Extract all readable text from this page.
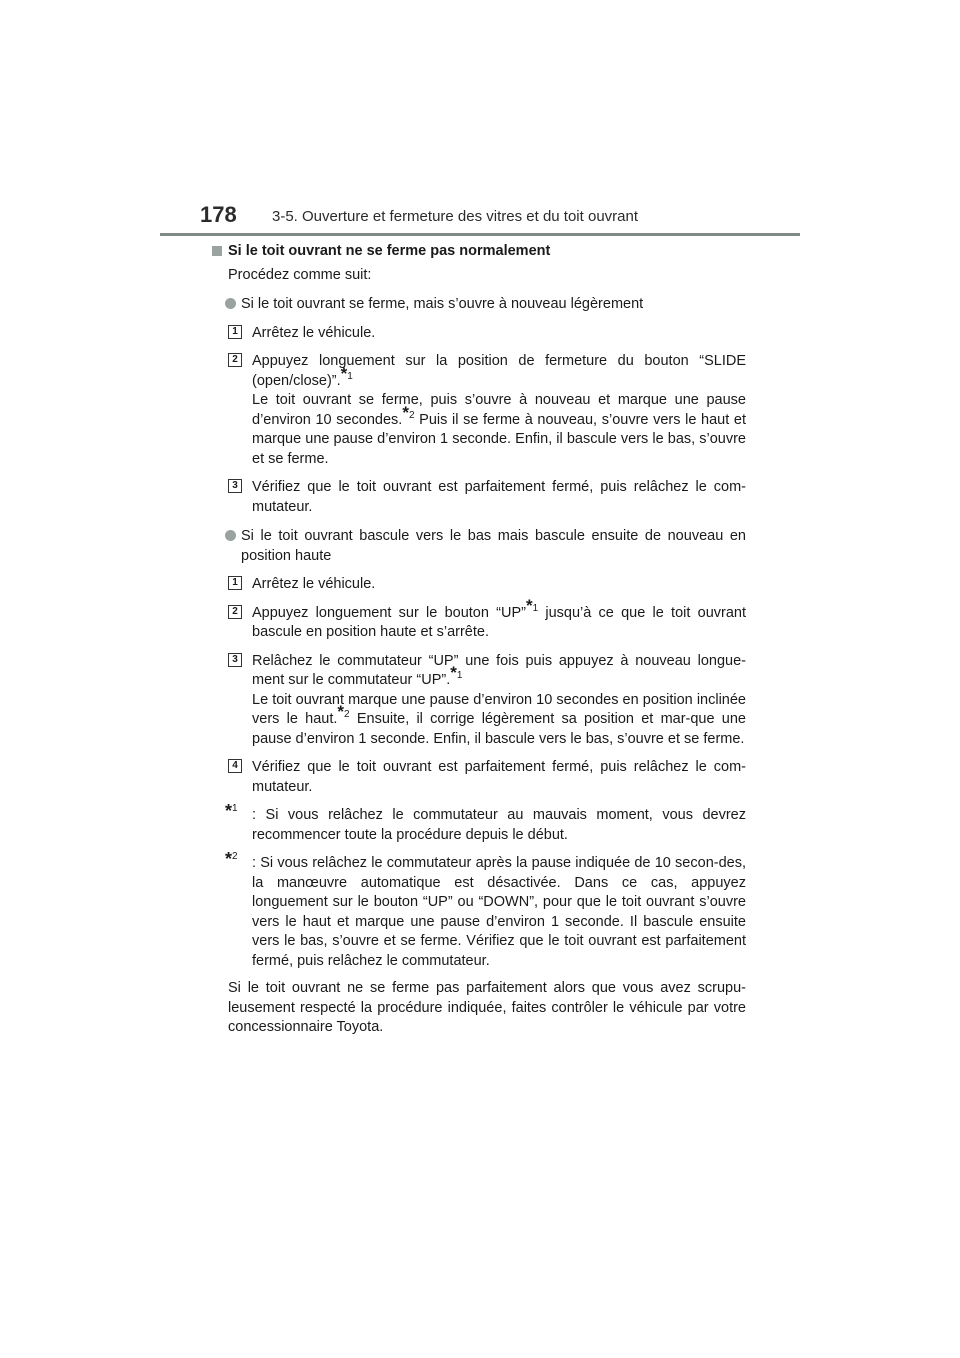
178 3-5. Ouverture et fermeture des vitres et du toit ouvrant

Si le toit ouvrant ne se ferme pas normalement

Procédez comme suit:

Si le toit ouvrant se ferme, mais s’ouvre à nouveau légèrement
1 Arrêtez le véhicule.

2 Appuyez longuement sur la position de fermeture du bouton “SLIDE (open/close)”.$^{*1}$

Le toit ouvrant se ferme, puis s’ouvre à nouveau et marque une pause d’environ 10 secondes.$^{*2}$ Puis il se ferme à nouveau, s’ouvre vers le haut et marque une pause d’environ 1 seconde. Enfin, il bascule vers le bas, s’ouvre et se ferme.

3 Vérifiez que le toit ouvrant est parfaitement fermé, puis relâchez le com-mutateur.

Si le toit ouvrant bascule vers le bas mais bascule ensuite de nouveau en position haute
1 Arrêtez le véhicule.

2 Appuyez longuement sur le bouton “UP”$^{*1}$ jusqu’à ce que le toit ouvrant bascule en position haute et s’arrête.

3 Relâchez le commutateur “UP” une fois puis appuyez à nouveau longue-ment sur le commutateur “UP”.$^{*1}$

Le toit ouvrant marque une pause d’environ 10 secondes en position inclinée vers le haut.$^{*2}$ Ensuite, il corrige légèrement sa position et mar-que une pause d’environ 1 seconde. Enfin, il bascule vers le bas, s’ouvre et se ferme.

4 Vérifiez que le toit ouvrant est parfaitement fermé, puis relâchez le com-mutateur.

*$^1$ : Si vous relâchez le commutateur au mauvais moment, vous devrez recommencer toute la procédure depuis le début.
*$^2$ : Si vous relâchez le commutateur après la pause indiquée de 10 secon-des, la manœuvre automatique est désactivée. Dans ce cas, appuyez longuement sur le bouton “UP” ou “DOWN”, pour que le toit ouvrant s’ouvre vers le haut et marque une pause d’environ 1 seconde. Il bascule ensuite vers le bas, s’ouvre et se ferme. Vérifiez que le toit ouvrant est parfaitement fermé, puis relâchez le commutateur.

Si le toit ouvrant ne se ferme pas parfaitement alors que vous avez scrupu-leusement respecté la procédure indiquée, faites contrôler le véhicule par votre concessionnaire Toyota.
